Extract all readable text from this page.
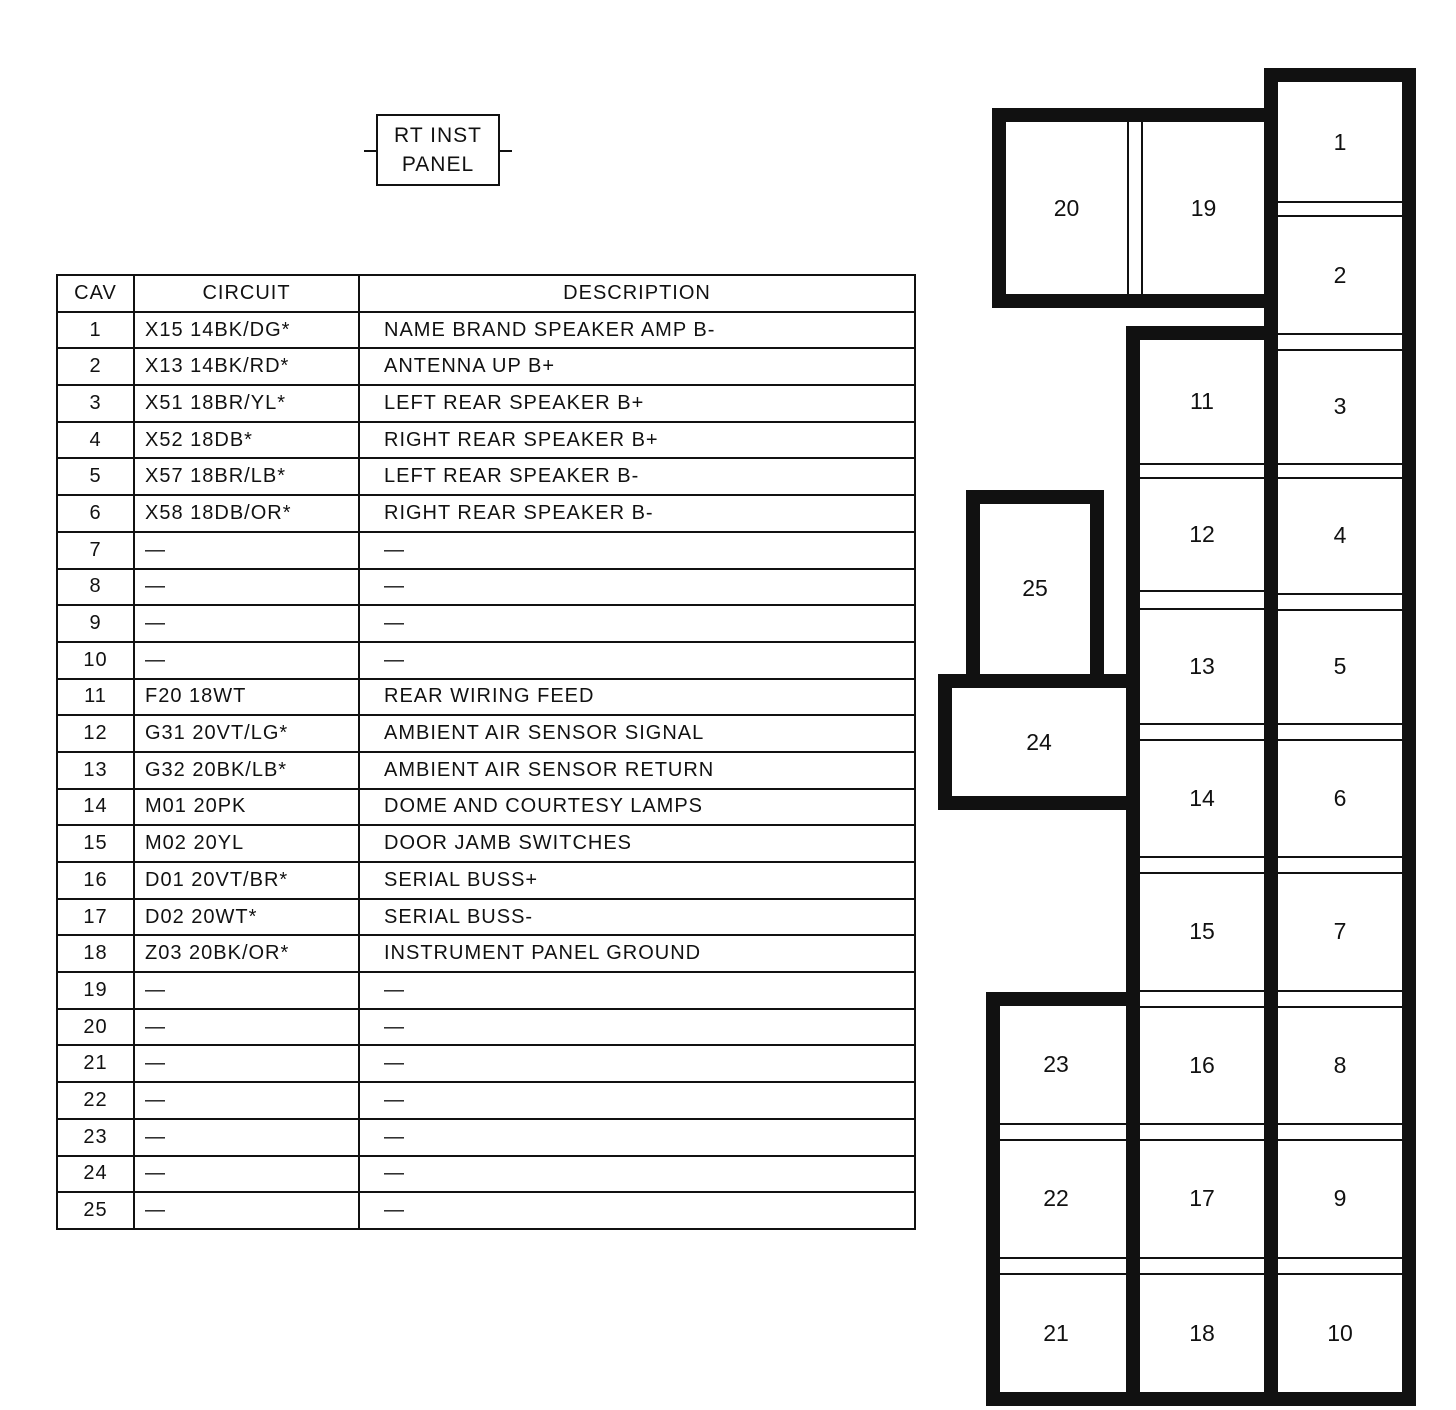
RT INST
PANEL
CAV	CIRCUIT	DESCRIPTION
1	X15 14BK/DG*	NAME BRAND SPEAKER AMP B-
2	X13 14BK/RD*	ANTENNA UP B+
3	X51 18BR/YL*	LEFT REAR SPEAKER B+
4	X52 18DB*	RIGHT REAR SPEAKER B+
5	X57 18BR/LB*	LEFT REAR SPEAKER B-
6	X58 18DB/OR*	RIGHT REAR SPEAKER B-
7	—	—
8	—	—
9	—	—
10	—	—
11	F20 18WT	REAR WIRING FEED
12	G31 20VT/LG*	AMBIENT AIR SENSOR SIGNAL
13	G32 20BK/LB*	AMBIENT AIR SENSOR RETURN
14	M01 20PK	DOME AND COURTESY LAMPS
15	M02 20YL	DOOR JAMB SWITCHES
16	D01 20VT/BR*	SERIAL BUSS+
17	D02 20WT*	SERIAL BUSS-
18	Z03 20BK/OR*	INSTRUMENT PANEL GROUND
19	—	—
20	—	—
21	—	—
22	—	—
23	—	—
24	—	—
25	—	—
1
2
3
4
5
6
7
8
9
10
11
12
13
14
15
16
17
18
19
20
21
22
23
24
25
